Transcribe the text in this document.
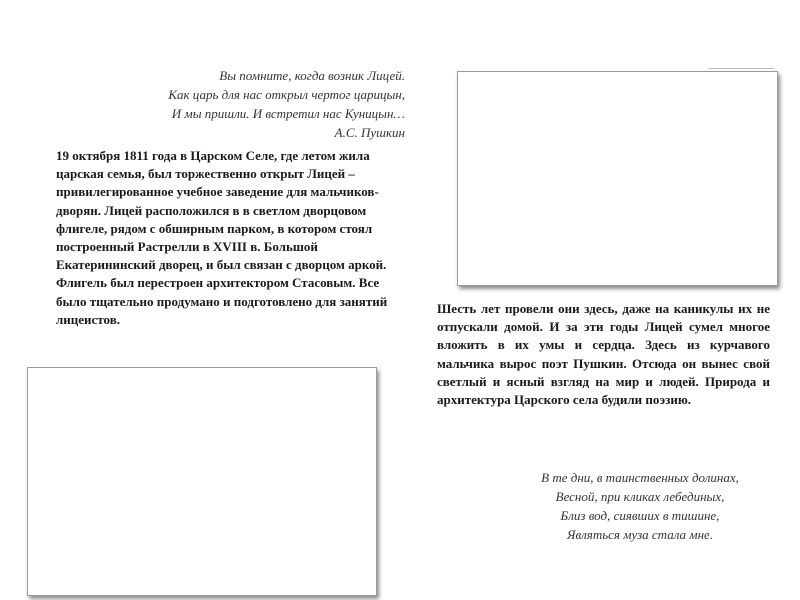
Вы помните, когда возник Лицей.
Как царь для нас открыл чертог царицын,
И мы пришли. И встретил нас Куницын…
А.С. Пушкин
19 октября 1811 года в Царском Селе, где летом жила царская семья, был торжественно открыт Лицей – привилегированное учебное заведение для мальчиков-дворян. Лицей расположился в в светлом дворцовом флигеле, рядом с обширным парком, в котором стоял построенный Растрелли в XVIII в. Большой Екатерининский дворец, и был связан с дворцом аркой. Флигель был перестроен архитектором Стасовым. Все было тщательно продумано и подготовлено для занятий лицеистов.
Шесть лет провели они здесь, даже на каникулы их не отпускали домой. И за эти годы Лицей сумел многое вложить в их умы и сердца. Здесь из курчавого мальчика вырос поэт Пушкин. Отсюда он вынес свой светлый и ясный взгляд на мир и людей. Природа и архитектура Царского села будили поэзию.
В те дни, в таинственных долинах,
Весной, при кликах лебединых,
Близ вод, сиявших в тишине,
Являться муза стала мне.
